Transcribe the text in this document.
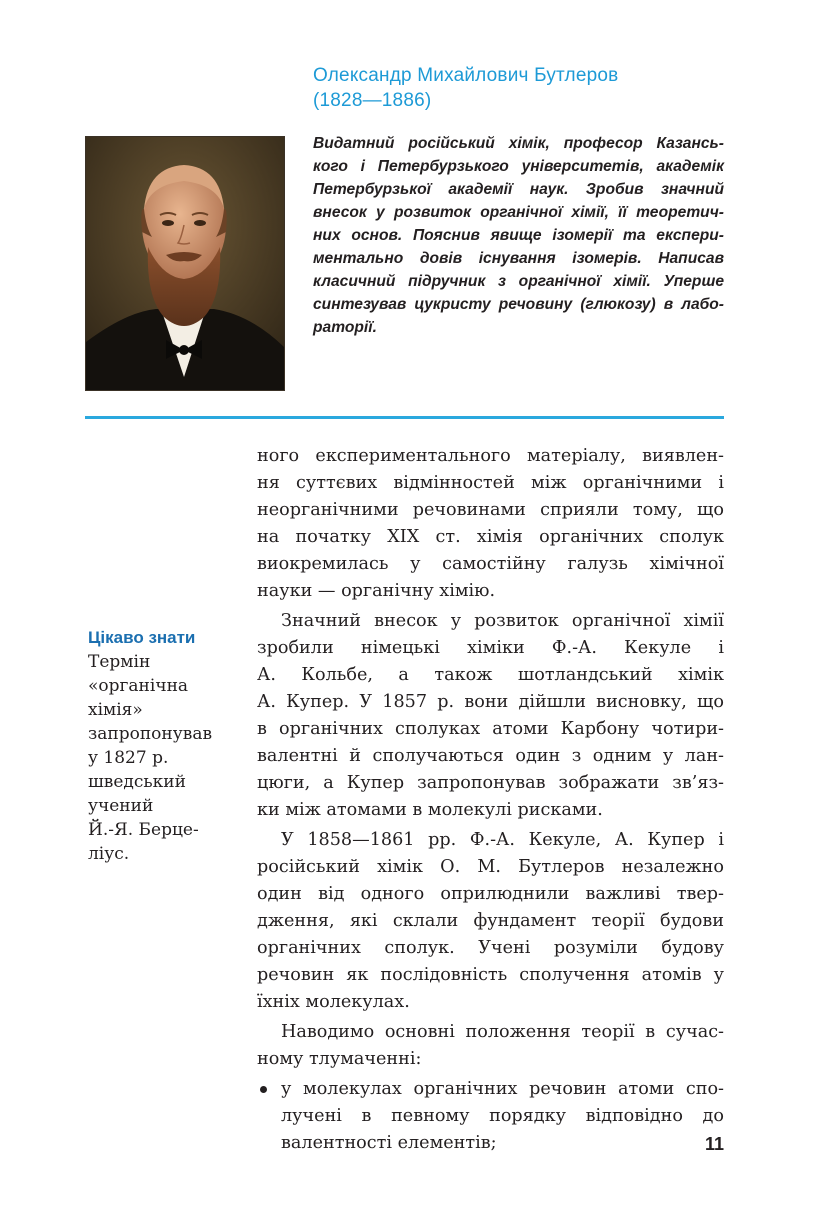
Олександр Михайлович Бутлеров
(1828—1886)
Видатний російський хімік, професор Казансь-
кого і Петербурзького університетів, академік
Петербурзької академії наук. Зробив значний
внесок у розвиток органічної хімії, її теоретич-
них основ. Пояснив явище ізомерії та експери-
ментально довів існування ізомерів. Написав
класичний підручник з органічної хімії. Уперше
синтезував цукристу речовину (глюкозу) в лабо-
раторії.
Цікаво знати
Термін
«органічна
хімія»
запропонував
у 1827 р.
шведський
учений
Й.-Я. Берце-
ліус.
ного експериментального матеріалу, виявлен-
ня суттєвих відмінностей між органічними і
неорганічними речовинами сприяли тому, що
на початку XIX ст. хімія органічних сполук
виокремилась у самостійну галузь хімічної
науки — органічну хімію.
Значний внесок у розвиток органічної хімії
зробили німецькі хіміки Ф.-А. Кекуле і
А. Кольбе, а також шотландський хімік
А. Купер. У 1857 р. вони дійшли висновку, що
в органічних сполуках атоми Карбону чотири-
валентні й сполучаються один з одним у лан-
цюги, а Купер запропонував зображати зв’яз-
ки між атомами в молекулі рисками.
У 1858—1861 рр. Ф.-А. Кекуле, А. Купер і
російський хімік О. М. Бутлеров незалежно
один від одного оприлюднили важливі твер-
дження, які склали фундамент теорії будови
органічних сполук. Учені розуміли будову
речовин як послідовність сполучення атомів у
їхніх молекулах.
Наводимо основні положення теорії в сучас-
ному тлумаченні:
у молекулах органічних речовин атоми спо-
лучені в певному порядку відповідно до
валентності елементів;	11
